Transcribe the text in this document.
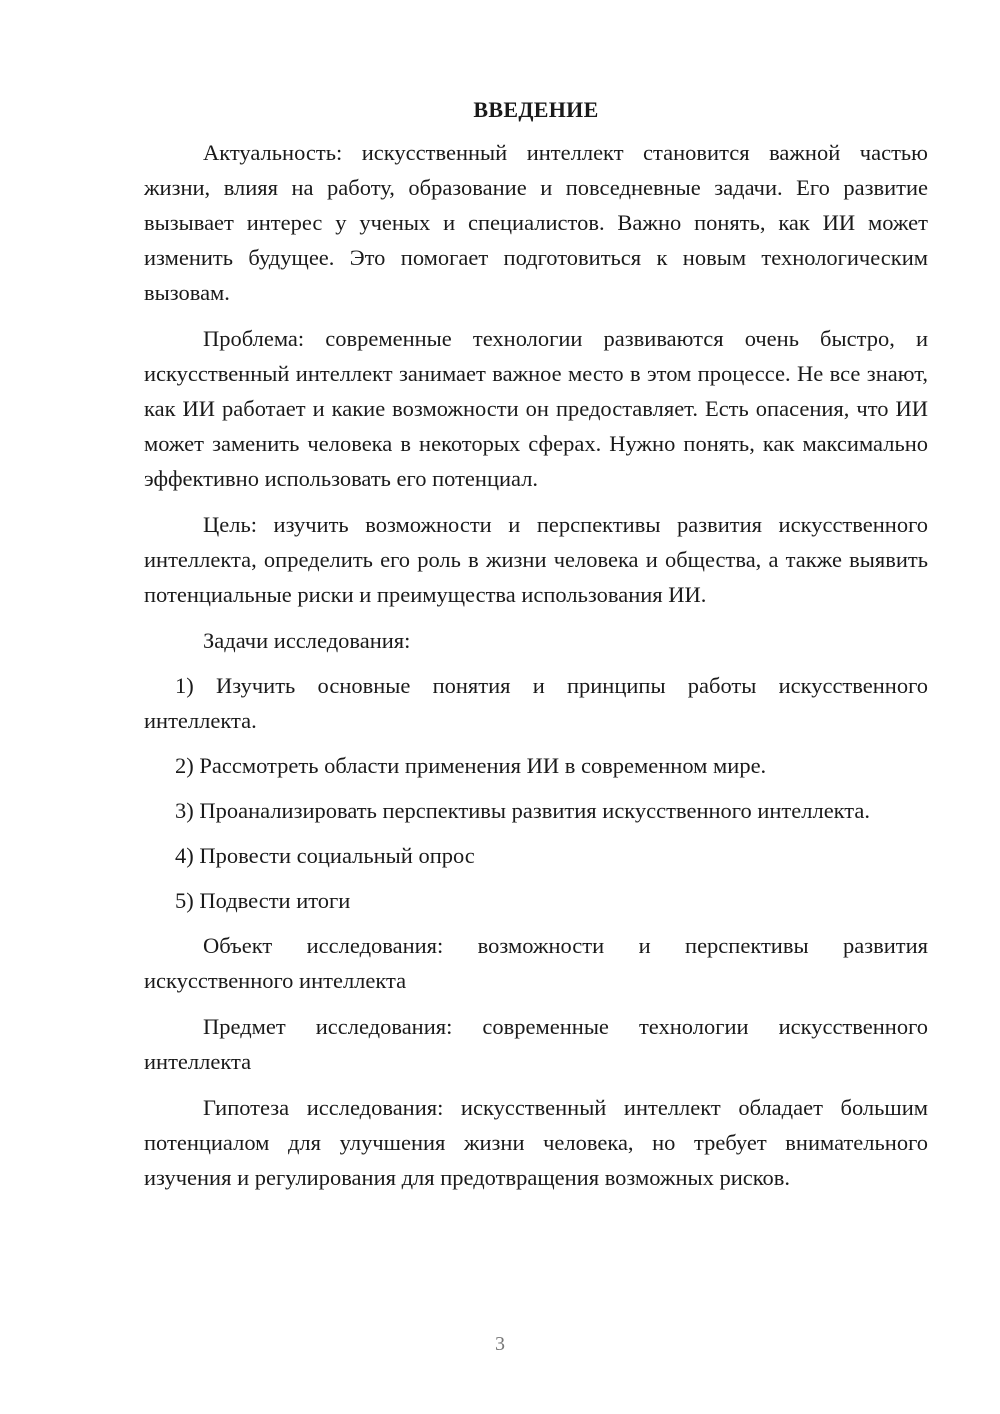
ВВЕДЕНИЕ

Актуальность: искусственный интеллект становится важной частью жизни, влияя на работу, образование и повседневные задачи. Его развитие вызывает интерес у ученых и специалистов. Важно понять, как ИИ может изменить будущее. Это помогает подготовиться к новым технологическим вызовам.

Проблема: современные технологии развиваются очень быстро, и искусственный интеллект занимает важное место в этом процессе. Не все знают, как ИИ работает и какие возможности он предоставляет. Есть опасения, что ИИ может заменить человека в некоторых сферах. Нужно понять, как максимально эффективно использовать его потенциал.

Цель: изучить возможности и перспективы развития искусственного интеллекта, определить его роль в жизни человека и общества, а также выявить потенциальные риски и преимущества использования ИИ.

Задачи исследования:

1) Изучить основные понятия и принципы работы искусственного интеллекта.

2) Рассмотреть области применения ИИ в современном мире.

3) Проанализировать перспективы развития искусственного интеллекта.

4) Провести социальный опрос

5) Подвести итоги

Объект исследования: возможности и перспективы развития искусственного интеллекта

Предмет исследования: современные технологии искусственного интеллекта

Гипотеза исследования: искусственный интеллект обладает большим потенциалом для улучшения жизни человека, но требует внимательного изучения и регулирования для предотвращения возможных рисков.

3
